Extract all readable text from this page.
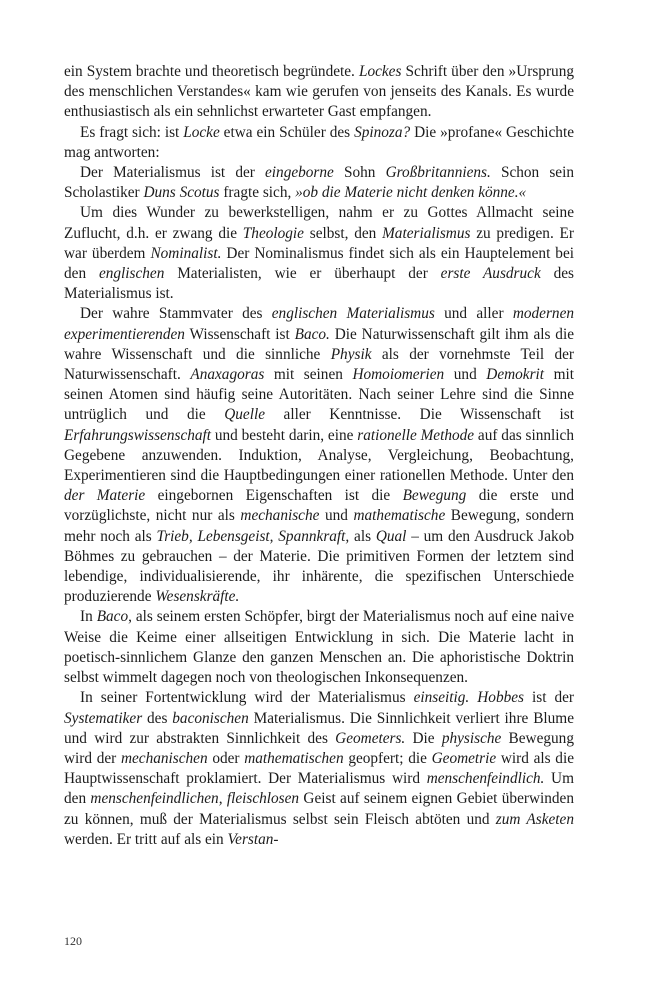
ein System brachte und theoretisch begründete. Lockes Schrift über den »Ursprung des menschlichen Verstandes« kam wie gerufen von jenseits des Kanals. Es wurde enthusiastisch als ein sehnlichst erwarteter Gast empfangen.

Es fragt sich: ist Locke etwa ein Schüler des Spinoza? Die »profane« Geschichte mag antworten:

Der Materialismus ist der eingeborne Sohn Großbritanniens. Schon sein Scholastiker Duns Scotus fragte sich, »ob die Materie nicht denken könne.«

Um dies Wunder zu bewerkstelligen, nahm er zu Gottes Allmacht seine Zuflucht, d.h. er zwang die Theologie selbst, den Materialismus zu predigen. Er war überdem Nominalist. Der Nominalismus findet sich als ein Hauptelement bei den englischen Materialisten, wie er überhaupt der erste Ausdruck des Materialismus ist.

Der wahre Stammvater des englischen Materialismus und aller modernen experimentierenden Wissenschaft ist Baco. Die Naturwissenschaft gilt ihm als die wahre Wissenschaft und die sinnliche Physik als der vornehmste Teil der Naturwissenschaft. Anaxagoras mit seinen Homoiomerien und Demokrit mit seinen Atomen sind häufig seine Autoritäten. Nach seiner Lehre sind die Sinne untrüglich und die Quelle aller Kenntnisse. Die Wissenschaft ist Erfahrungswissenschaft und besteht darin, eine rationelle Methode auf das sinnlich Gegebene anzuwenden. Induktion, Analyse, Vergleichung, Beobachtung, Experimentieren sind die Hauptbedingungen einer rationellen Methode. Unter den der Materie eingebornen Eigenschaften ist die Bewegung die erste und vorzüglichste, nicht nur als mechanische und mathematische Bewegung, sondern mehr noch als Trieb, Lebensgeist, Spannkraft, als Qual – um den Ausdruck Jakob Böhmes zu gebrauchen – der Materie. Die primitiven Formen der letztem sind lebendige, individualisierende, ihr inhärente, die spezifischen Unterschiede produzierende Wesenskräfte.

In Baco, als seinem ersten Schöpfer, birgt der Materialismus noch auf eine naive Weise die Keime einer allseitigen Entwicklung in sich. Die Materie lacht in poetisch-sinnlichem Glanze den ganzen Menschen an. Die aphoristische Doktrin selbst wimmelt dagegen noch von theologischen Inkonsequenzen.

In seiner Fortentwicklung wird der Materialismus einseitig. Hobbes ist der Systematiker des baconischen Materialismus. Die Sinnlichkeit verliert ihre Blume und wird zur abstrakten Sinnlichkeit des Geometers. Die physische Bewegung wird der mechanischen oder mathematischen geopfert; die Geometrie wird als die Hauptwissenschaft proklamiert. Der Materialismus wird menschenfeindlich. Um den menschenfeindlichen, fleischlosen Geist auf seinem eignen Gebiet überwinden zu können, muß der Materialismus selbst sein Fleisch abtöten und zum Asketen werden. Er tritt auf als ein Verstan-

120
